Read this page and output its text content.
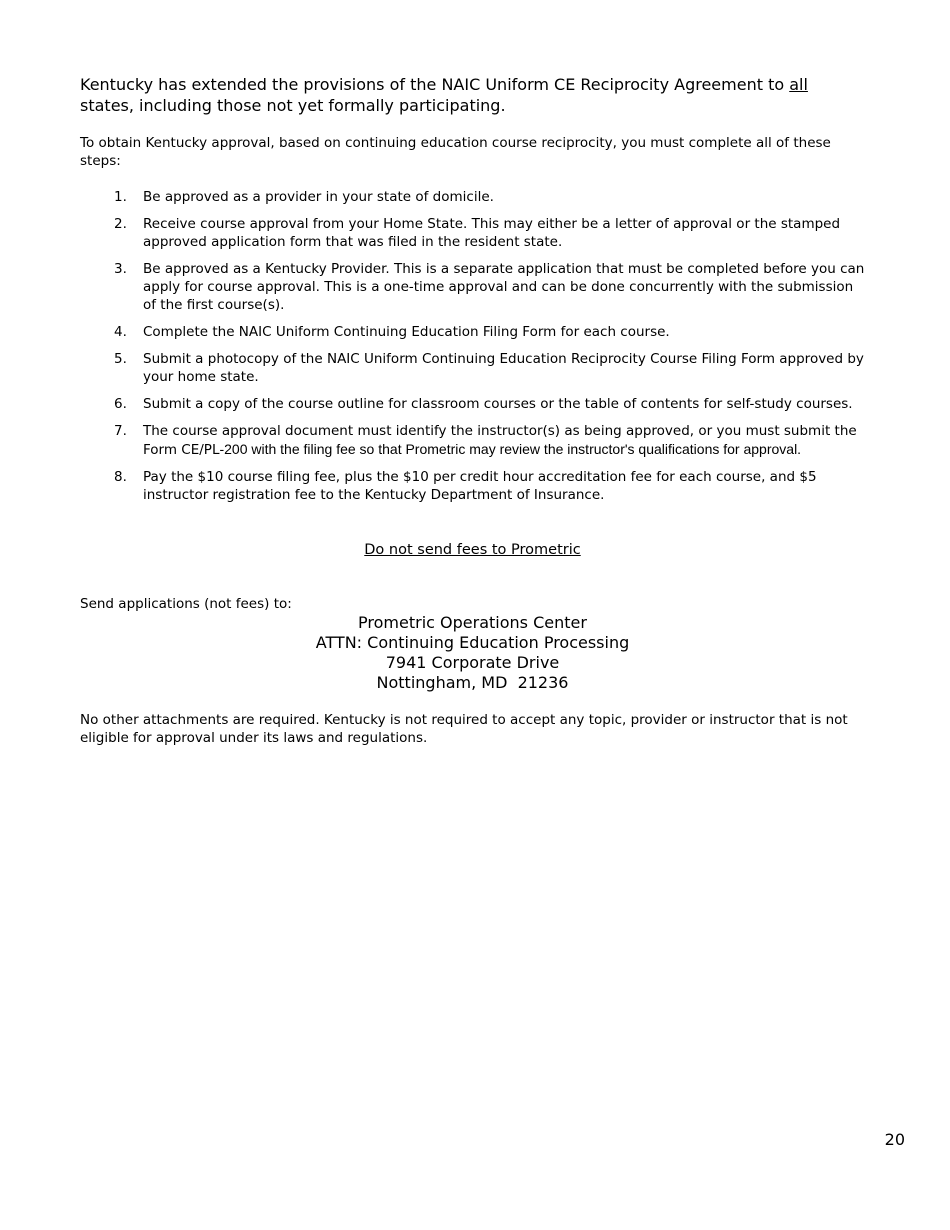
Kentucky has extended the provisions of the NAIC Uniform CE Reciprocity Agreement to all states, including those not yet formally participating.

To obtain Kentucky approval, based on continuing education course reciprocity, you must complete all of these steps:

1. Be approved as a provider in your state of domicile.
2. Receive course approval from your Home State. This may either be a letter of approval or the stamped approved application form that was filed in the resident state.
3. Be approved as a Kentucky Provider. This is a separate application that must be completed before you can apply for course approval. This is a one-time approval and can be done concurrently with the submission of the first course(s).
4. Complete the NAIC Uniform Continuing Education Filing Form for each course.
5. Submit a photocopy of the NAIC Uniform Continuing Education Reciprocity Course Filing Form approved by your home state.
6. Submit a copy of the course outline for classroom courses or the table of contents for self-study courses.
7. The course approval document must identify the instructor(s) as being approved, or you must submit the Form CE/PL-200 with the filing fee so that Prometric may review the instructor's qualifications for approval.
8. Pay the $10 course filing fee, plus the $10 per credit hour accreditation fee for each course, and $5 instructor registration fee to the Kentucky Department of Insurance.

Do not send fees to Prometric

Send applications (not fees) to:

Prometric Operations Center
ATTN: Continuing Education Processing
7941 Corporate Drive
Nottingham, MD  21236

No other attachments are required. Kentucky is not required to accept any topic, provider or instructor that is not eligible for approval under its laws and regulations.

20
